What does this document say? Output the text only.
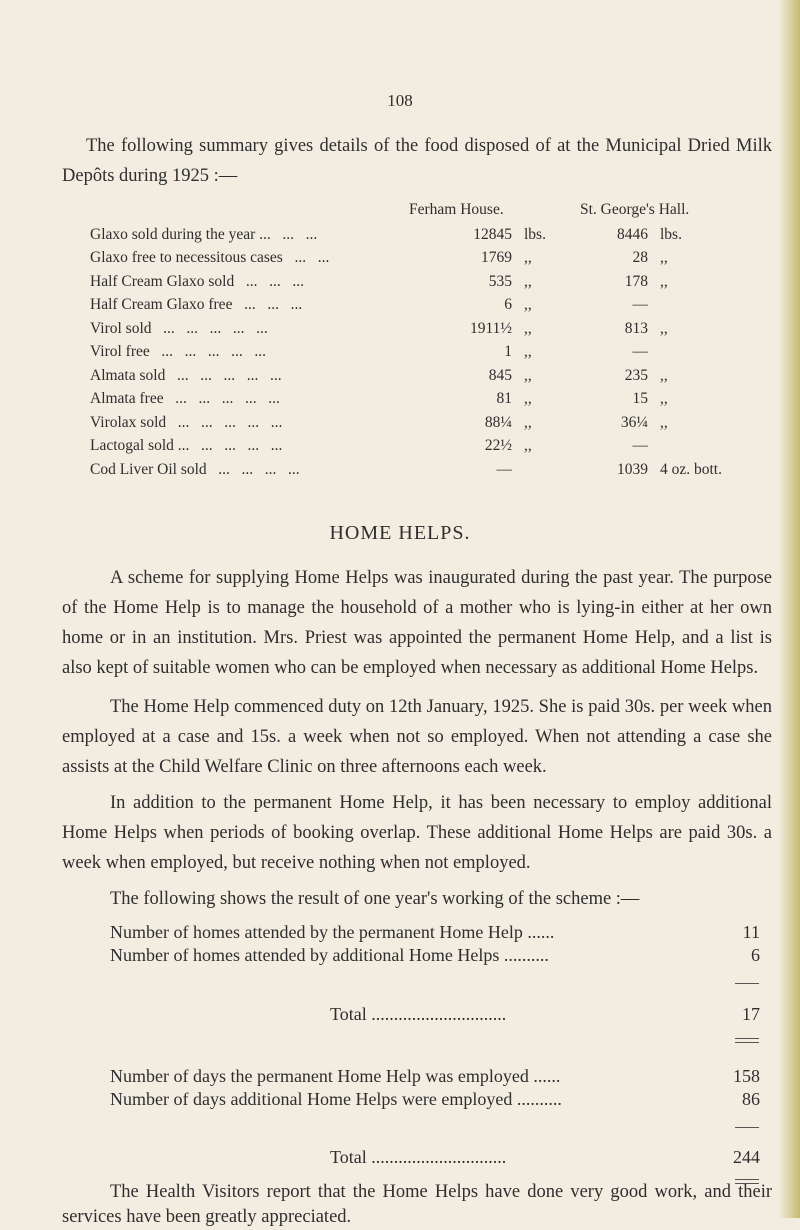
108
The following summary gives details of the food disposed of at the Municipal Dried Milk Depôts during 1925 :—
Ferham House.	St. George's Hall.
Glaxo sold during the year ...   ...   ...	12845 lbs.	8446 lbs.
Glaxo free to necessitous cases   ...   ...	1769 ,,	28 ,,
Half Cream Glaxo sold   ...   ...   ...	535 ,,	178 ,,
Half Cream Glaxo free   ...   ...   ...	6 ,,	—
Virol sold   ...   ...   ...   ...   ...	1911½ ,,	813 ,,
Virol free   ...   ...   ...   ...   ...	1 ,,	—
Almata sold   ...   ...   ...   ...   ...	845 ,,	235 ,,
Almata free   ...   ...   ...   ...   ...	81 ,,	15 ,,
Virolax sold   ...   ...   ...   ...   ...	88¼ ,,	36¼ ,,
Lactogal sold ...   ...   ...   ...   ...	22½ ,,	—
Cod Liver Oil sold   ...   ...   ...   ...	—	1039 4 oz. bott.
HOME HELPS.
A scheme for supplying Home Helps was inaugurated during the past year. The purpose of the Home Help is to manage the household of a mother who is lying-in either at her own home or in an institution. Mrs. Priest was appointed the permanent Home Help, and a list is also kept of suitable women who can be employed when necessary as additional Home Helps.
The Home Help commenced duty on 12th January, 1925. She is paid 30s. per week when employed at a case and 15s. a week when not so employed. When not attending a case she assists at the Child Welfare Clinic on three afternoons each week.
In addition to the permanent Home Help, it has been necessary to employ additional Home Helps when periods of booking overlap. These additional Home Helps are paid 30s. a week when employed, but receive nothing when not employed.
The following shows the result of one year's working of the scheme :—
Number of homes attended by the permanent Home Help ......	11
Number of homes attended by additional Home Helps ..........	6
Total ..............................	17
Number of days the permanent Home Help was employed ......	158
Number of days additional Home Helps were employed ..........	86
Total ..............................	244
The Health Visitors report that the Home Helps have done very good work, and their services have been greatly appreciated.
